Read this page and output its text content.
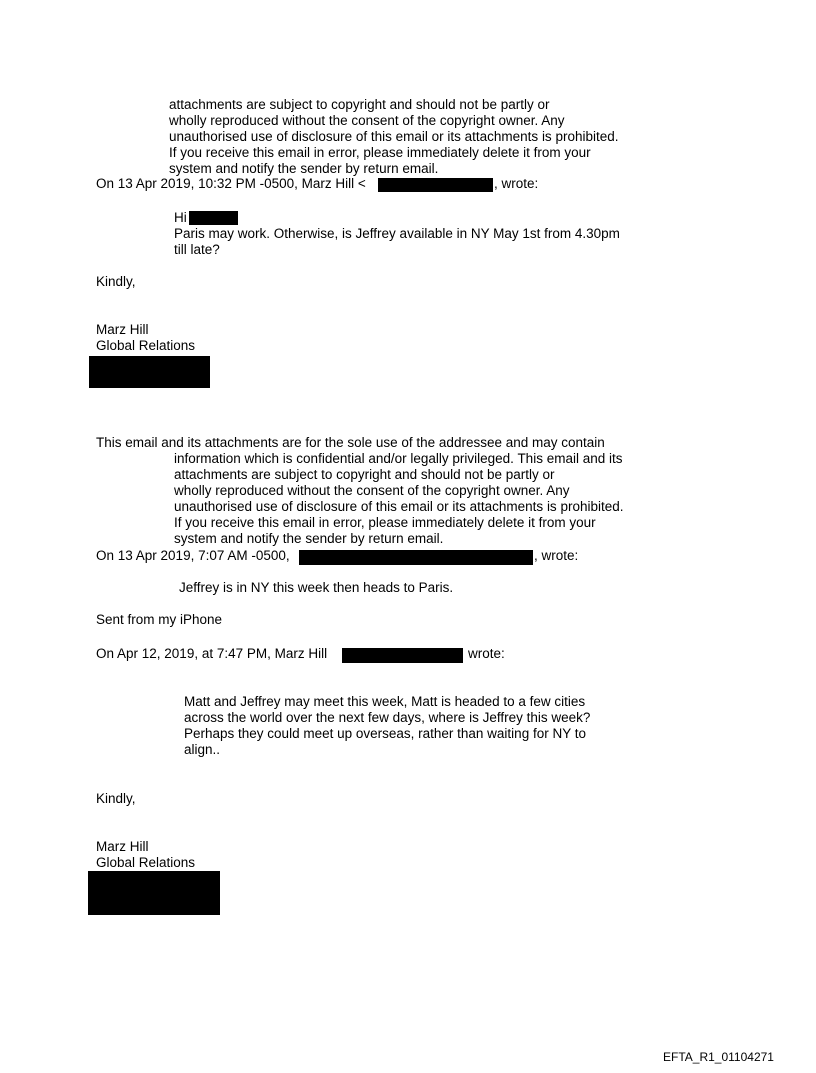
attachments are subject to copyright and should not be partly or
wholly reproduced without the consent of the copyright owner. Any
unauthorised use of disclosure of this email or its attachments is prohibited.
If you receive this email in error, please immediately delete it from your
system and notify the sender by return email.
On 13 Apr 2019, 10:32 PM -0500, Marz Hill <	, wrote:
Hi
Paris may work. Otherwise, is Jeffrey available in NY May 1st from 4.30pm
till late?
Kindly,
Marz Hill
Global Relations
This email and its attachments are for the sole use of the addressee and may contain
information which is confidential and/or legally privileged. This email and its
attachments are subject to copyright and should not be partly or
wholly reproduced without the consent of the copyright owner. Any
unauthorised use of disclosure of this email or its attachments is prohibited.
If you receive this email in error, please immediately delete it from your
system and notify the sender by return email.
On 13 Apr 2019, 7:07 AM -0500,	, wrote:
Jeffrey is in NY this week then heads to Paris.
Sent from my iPhone
On Apr 12, 2019, at 7:47 PM, Marz Hill	wrote:
Matt and Jeffrey may meet this week, Matt is headed to a few cities
across the world over the next few days, where is Jeffrey this week?
Perhaps they could meet up overseas, rather than waiting for NY to
align..
Kindly,
Marz Hill
Global Relations
EFTA_R1_01104271
